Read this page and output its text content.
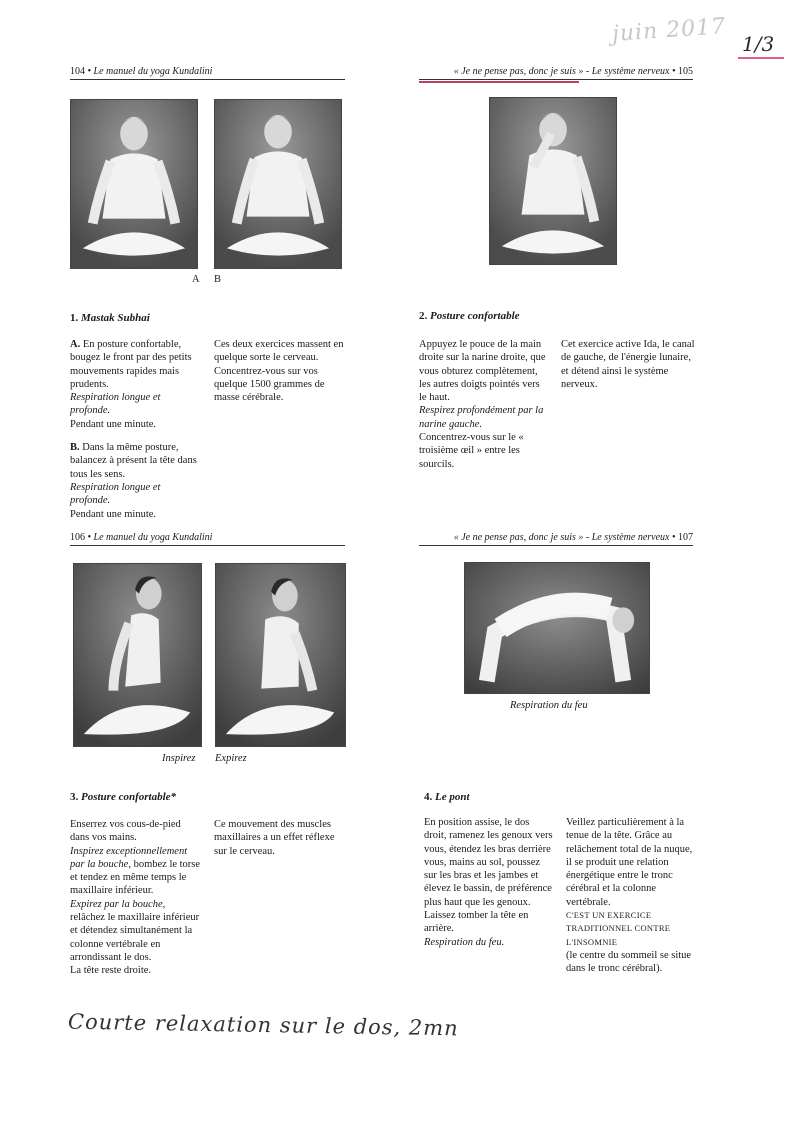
juin 2017 1/3
104 • Le manuel du yoga Kundalini	« Je ne pense pas, donc je suis » - Le système nerveux • 105
106 • Le manuel du yoga Kundalini	« Je ne pense pas, donc je suis » - Le système nerveux • 107
A B
1. Mastak Subhai

A. En posture confortable, bougez le front par des petits mouvements rapides mais prudents.
Respiration longue et profonde.
Pendant une minute.

B. Dans la même posture, balancez à présent la tête dans tous les sens.
Respiration longue et profonde.
Pendant une minute.

Ces deux exercices massent en quelque sorte le cerveau. Concentrez-vous sur vos quelque 1500 grammes de masse cérébrale.

2. Posture confortable

Appuyez le pouce de la main droite sur la narine droite, que vous obturez complètement, les autres doigts pointés vers le haut.
Respirez profondément par la narine gauche.
Concentrez-vous sur le « troisième œil » entre les sourcils.

Cet exercice active Ida, le canal de gauche, de l'énergie lunaire, et détend ainsi le système nerveux.

Inspirez Expirez
Respiration du feu
3. Posture confortable*

Enserrez vos cous-de-pied dans vos mains.
Inspirez exceptionnellement par la bouche, bombez le torse et tendez en même temps le maxillaire inférieur.
Expirez par la bouche, relâchez le maxillaire inférieur et détendez simultanément la colonne vertébrale en arrondissant le dos.
La tête reste droite.

Ce mouvement des muscles maxillaires a un effet réflexe sur le cerveau.

4. Le pont

En position assise, le dos droit, ramenez les genoux vers vous, étendez les bras derrière vous, mains au sol, poussez sur les bras et les jambes et élevez le bassin, de préférence plus haut que les genoux. Laissez tomber la tête en arrière.
Respiration du feu.

Veillez particulièrement à la tenue de la tête. Grâce au relâchement total de la nuque, il se produit une relation énergétique entre le tronc cérébral et la colonne vertébrale.
C'EST UN EXERCICE TRADITIONNEL CONTRE L'INSOMNIE
(le centre du sommeil se situe dans le tronc cérébral).

Courte relaxation sur le dos, 2mn
